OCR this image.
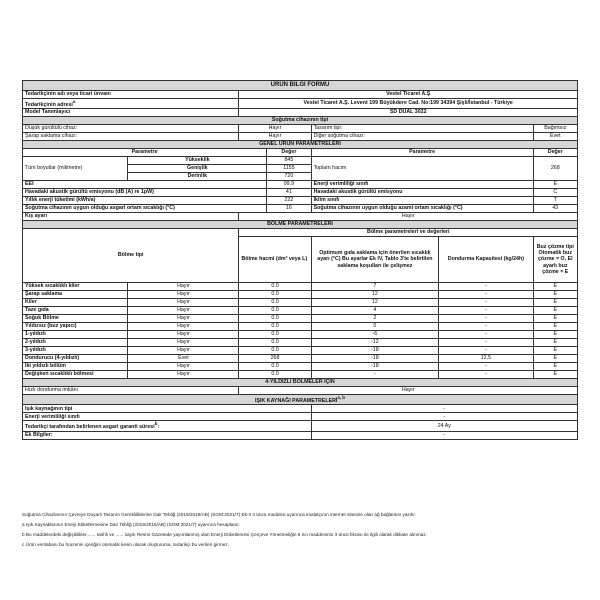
ÜRÜN BİLGİ FORMU						
Tedarikçinin adı veya ticari ünvanı		Vestel Ticaret A.Ş				
Tedarikçinin adresi$^a$		Vestel Ticaret A.Ş. Levent 199 Büyükdere Cad. No:199 34394 Şişli/İstanbul - Türkiye				
Model Tanımlayıcı		SD DUAL 3022				
Soğutma cihazının tipi						
Düşük gürültülü cihaz:		Hayır		Tasarım tipi:		Bağımsız
Şarap saklama cihazı:		Hayır		Diğer soğutma cihazı:		Evet
GENEL ÜRÜN PARAMETRELERİ						
Parametre			Değer	Parametre		Değer
Tüm boyutlar (milimetre)	Yükseklik		845	Toplam hacim		268
	Genişlik		1155			
	Derinlik		720			
EEI			99.9	Enerji verimliliği sınıfı		E
Havadaki akustik gürültü emisyonu (dB (A) re 1pW)			41	Havadaki akustik gürültü emisyonu		C
Yıllık enerji tüketimi (kWh/a)			222	İklim sınıfı		T
Soğutma cihazının uygun olduğu asgari ortam sıcaklığı (°C)			16	Soğutma cihazının uygun olduğu azami ortam sıcaklığı (°C)		43
Kış ayarı		Hayır				
BÖLME PARAMETRELERİ						
Bölme tipi		Bölme parametreleri ve değerleri				
		Bölme hacmi (dm³ veya L)		Optimum gıda saklama için önerilen sıcaklık ayarı (°C) Bu ayarlar Ek IV, Tablo 3'te belirtilen saklama koşulları ile çelişmez	Dondurma Kapasitesi (kg/24h)	Buz çözme tipi Otomatik buz çözme = O, El ayarlı buz çözme = E
Yüksek sıcaklıklı kiler	Hayır	0.0		7	-	E
Şarap saklama	Hayır	0.0		12	-	E
Kiler	Hayır	0.0		12	-	E
Taze gıda	Hayır	0.0		4	-	E
Soğuk Bölme	Hayır	0.0		2	-	E
Yıldızsız (buz yapıcı)	Hayır	0.0		0	-	E
1-yıldızlı	Hayır	0.0		-6	-	E
2-yıldızlı	Hayır	0.0		-12	-	E
3-yıldızlı	Hayır	0.0		-18	-	E
Dondurucu (4-yıldızlı)	Evet	268		-18	12,5	E
İki yıldızlı bölüm	Hayır	0.0		-18	-	E
Değişken sıcaklıklı bölmesi	Hayır	0.0		-	-	E
4-YILDIZLI BÖLMELER İÇİN						
Hızlı dondurma imkânı		Hayır				
IŞIK KAYNAĞI PARAMETRELERİ$^{a, b}$
Işık kaynağının tipi				-		
Enerji verimliliği sınıfı				-		
Tedarikçi tarafından belirlenen asgari garanti süresi$^b$:				24 Ay		
Ek Bilgiler:				-		

Soğutma Cihazlarının Çevreye Duyarlı Tasarım Gerekliliklerine Dair Tebliğ (2019/2019/AB) (SGM:2021/7) Ek-II 4 üncü maddesi uyarınca imalatçının internet sitesine olan ağ bağlantısı yazılır.

a Işık Kaynaklarının Enerji Etiketlemesine Dair Tebliğ (2019/2015/AB) (SGM:2021/7) uyarınca hesaplanır.

b Bu maddelerdeki değişiklikler,...... tarihli ve ...... sayılı Resmi Gazetede yayımlanmış olan Enerji Etiketlemesi Çerçeve Yönetmeliğin 6 ncı maddesinin 3 üncü fıkrası ile ilgili olarak dikkate alınmaz.

c Ürün veritabanı bu hücrenin içeriğini otomatik kesin olarak oluşturursa, tedarikçi bu verileri girmez.
